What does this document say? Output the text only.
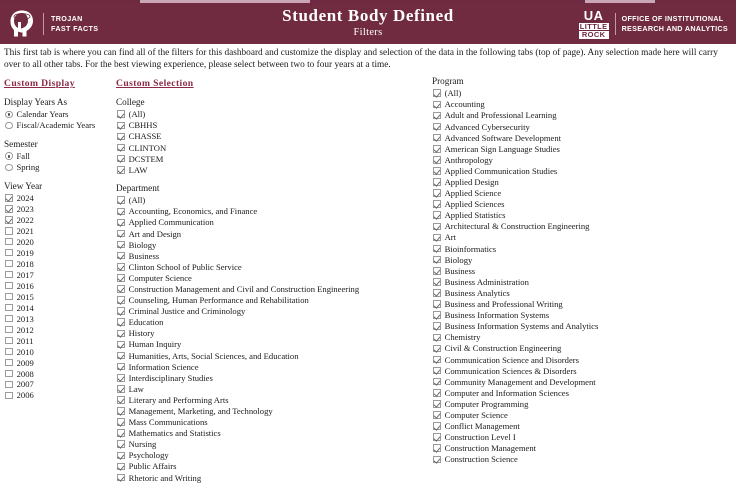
TROJAN
FAST FACTS
Student Body Defined
Filters
UA
LITTLE
ROCK
OFFICE OF INSTITUTIONAL
RESEARCH AND ANALYTICS
This first tab is where you can find all of the filters for this dashboard and customize the display and selection of the data in the following tabs (top of page). Any selection made here will carry over to all other tabs. For the best viewing experience, please select between two to four years at a time.
Custom Display
Display Years As
Calendar Years
Fiscal/Academic Years
Semester
Fall
Spring
View Year
2024
2023
2022
2021
2020
2019
2018
2017
2016
2015
2014
2013
2012
2011
2010
2009
2008
2007
2006
Custom Selection
College
(All)
CBHHS
CHASSE
CLINTON
DCSTEM
LAW
Department
(All)
Accounting, Economics, and Finance
Applied Communication
Art and Design
Biology
Business
Clinton School of Public Service
Computer Science
Construction Management and Civil and Construction Engineering
Counseling, Human Performance and Rehabilitation
Criminal Justice and Criminology
Education
History
Human Inquiry
Humanities, Arts, Social Sciences, and Education
Information Science
Interdisciplinary Studies
Law
Literary and Performing Arts
Management, Marketing, and Technology
Mass Communications
Mathematics and Statistics
Nursing
Psychology
Public Affairs
Rhetoric and Writing
Program
(All)
Accounting
Adult and Professional Learning
Advanced Cybersecurity
Advanced Software Development
American Sign Language Studies
Anthropology
Applied Communication Studies
Applied Design
Applied Science
Applied Sciences
Applied Statistics
Architectural & Construction Engineering
Art
Bioinformatics
Biology
Business
Business Administration
Business Analytics
Business and Professional Writing
Business Information Systems
Business Information Systems and Analytics
Chemistry
Civil & Construction Engineering
Communication Science and Disorders
Communication Sciences & Disorders
Community Management and Development
Computer and Information Sciences
Computer Programming
Computer Science
Conflict Management
Construction Level I
Construction Management
Construction Science
